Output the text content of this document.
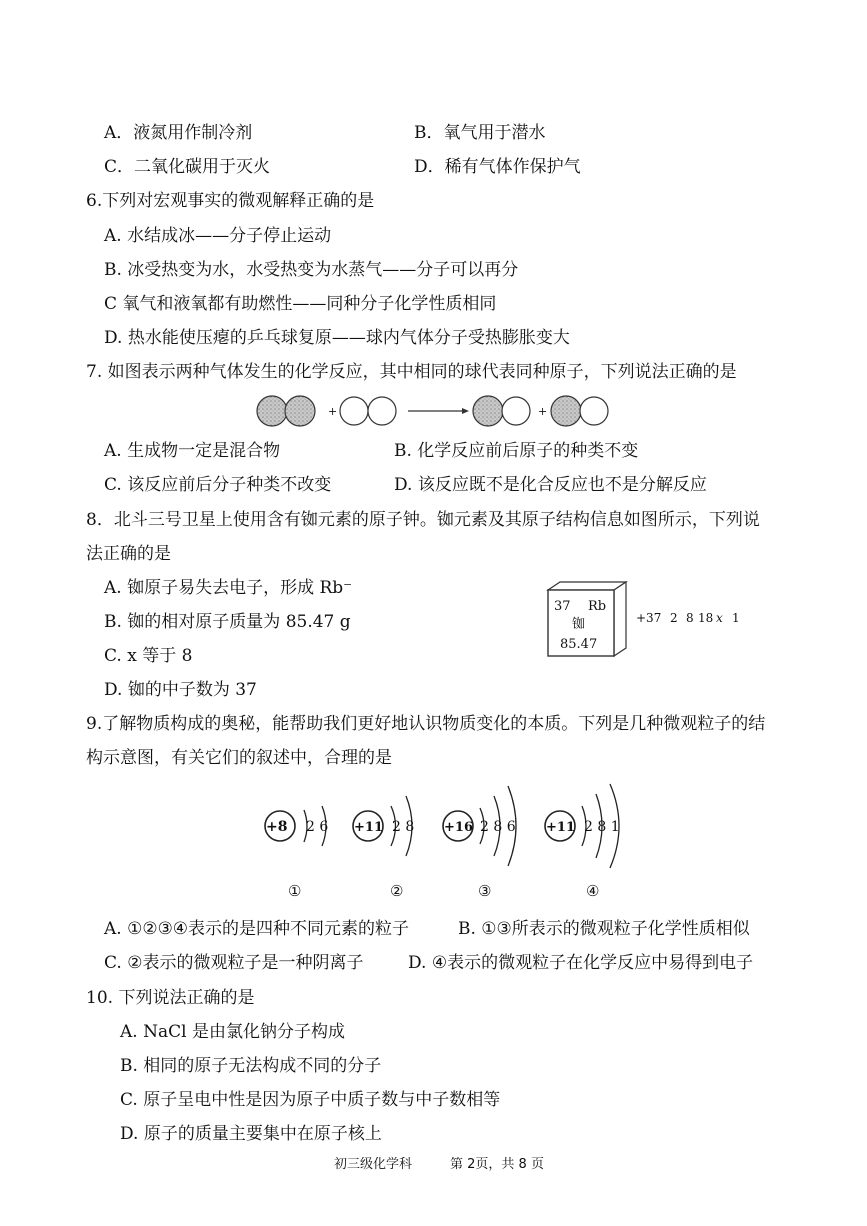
A．液氮用作制冷剂	B．氧气用于潜水
C．二氧化碳用于灭火	D．稀有气体作保护气
6.下列对宏观事实的微观解释正确的是
A. 水结成冰——分子停止运动
B. 冰受热变为水，水受热变为水蒸气——分子可以再分
C 氧气和液氧都有助燃性——同种分子化学性质相同
D. 热水能使压瘪的乒乓球复原——球内气体分子受热膨胀变大
7. 如图表示两种气体发生的化学反应，其中相同的球代表同种原子，下列说法正确的是
+	+
A. 生成物一定是混合物	B. 化学反应前后原子的种类不变
C. 该反应前后分子种类不改变	D. 该反应既不是化合反应也不是分解反应
8．北斗三号卫星上使用含有铷元素的原子钟。铷元素及其原子结构信息如图所示，下列说
法正确的是
A. 铷原子易失去电子，形成 Rb⁻
B. 铷的相对原子质量为 85.47 g
C. x 等于 8
D. 铷的中子数为 37
37 Rb
铷
85.47
+37 2 8 18 x 1
9.了解物质构成的奥秘，能帮助我们更好地认识物质变化的本质。下列是几种微观粒子的结
构示意图，有关它们的叙述中，合理的是
+8 2 6
①
+11 2 8
②
+16 2 8 6
③
+11 2 8 1
④
A. ①②③④表示的是四种不同元素的粒子	B. ①③所表示的微观粒子化学性质相似
C. ②表示的微观粒子是一种阴离子	D. ④表示的微观粒子在化学反应中易得到电子
10. 下列说法正确的是
A. NaCl 是由氯化钠分子构成
B. 相同的原子无法构成不同的分子
C. 原子呈电中性是因为原子中质子数与中子数相等
D. 原子的质量主要集中在原子核上
初三级化学科	第 2页，共 8 页
